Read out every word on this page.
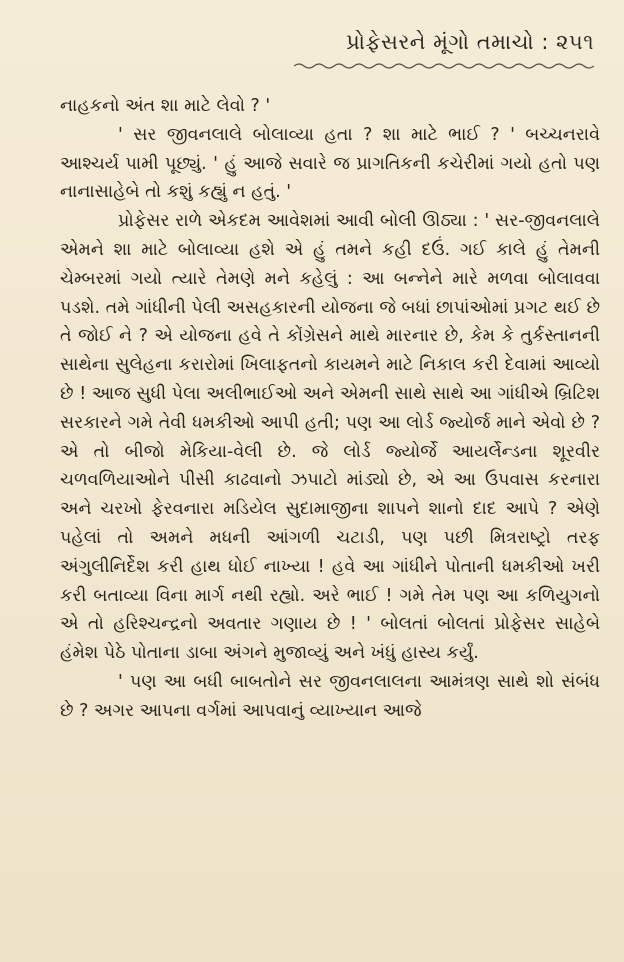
પ્રોફેસરને મૂંગો તમાચો : ૨૫૧

નાહકનો અંત શા માટે લેવો ? '

' સર જીવનલાલે બોલાવ્યા હતા ? શા માટે ભાઈ ? ' બચ્ચનરાવે આશ્ચર્ય પામી પૂછ્યું. ' હું આજે સવારે જ પ્રાગતિકની કચેરીમાં ગયો હતો પણ નાનાસાહેબે તો કશું કહ્યું ન હતું. '

પ્રોફેસર રાળે એકદમ આવેશમાં આવી બોલી ઊઠ્યા : ' સર-જીવનલાલે એમને શા માટે બોલાવ્યા હશે એ હું તમને કહી દઉં. ગઈ કાલે હું તેમની ચેમ્બરમાં ગયો ત્યારે તેમણે મને કહેલું : આ બન્નેને મારે મળવા બોલાવવા પડશે. તમે ગાંધીની પેલી અસહકારની યોજના જે બધાં છાપાંઓમાં પ્રગટ થઈ છે તે જોઈ ને ? એ યોજના હવે તે કોંગ્રેસને માથે મારનાર છે, કેમ કે તુર્કસ્તાનની સાથેના સુલેહના કરારોમાં ખિલાફતનો કાયમને માટે નિકાલ કરી દેવામાં આવ્યો છે ! આજ સુધી પેલા અલીભાઈઓ અને એમની સાથે સાથે આ ગાંધીએ બ્રિટિશ સરકારને ગમે તેવી ધમકીઓ આપી હતી; પણ આ લોર્ડ જ્યોર્જ માને એવો છે ? એ તો બીજો મેકિયા-વેલી છે. જે લોર્ડ જ્યોર્જે આયર્લેન્ડના શૂરવીર ચળવળિયાઓને પીસી કાઢવાનો ઝપાટો માંડ્યો છે, એ આ ઉપવાસ કરનારા અને ચરખો ફેરવનારા મડિયેલ સુદામાજીના શાપને શાનો દાદ આપે ? એણે પહેલાં તો અમને મધની આંગળી ચટાડી, પણ પછી મિત્રરાષ્ટ્રો તરફ અંગુલીનિર્દેશ કરી હાથ ધોઈ નાખ્યા ! હવે આ ગાંધીને પોતાની ધમકીઓ ખરી કરી બતાવ્યા વિના માર્ગ નથી રહ્યો. અરે ભાઈ ! ગમે તેમ પણ આ કળિયુગનો એ તો હરિશ્ચન્દ્રનો અવતાર ગણાય છે ! ' બોલતાં બોલતાં પ્રોફેસર સાહેબે હંમેશ પેઠે પોતાના ડાબા અંગને મુજાવ્યું અને ખંધું હાસ્ય કર્યું.

' પણ આ બધી બાબતોને સર જીવનલાલના આમંત્રણ સાથે શો સંબંધ છે ? અગર આપના વર્ગમાં આપવાનું વ્યાખ્યાન આજે
